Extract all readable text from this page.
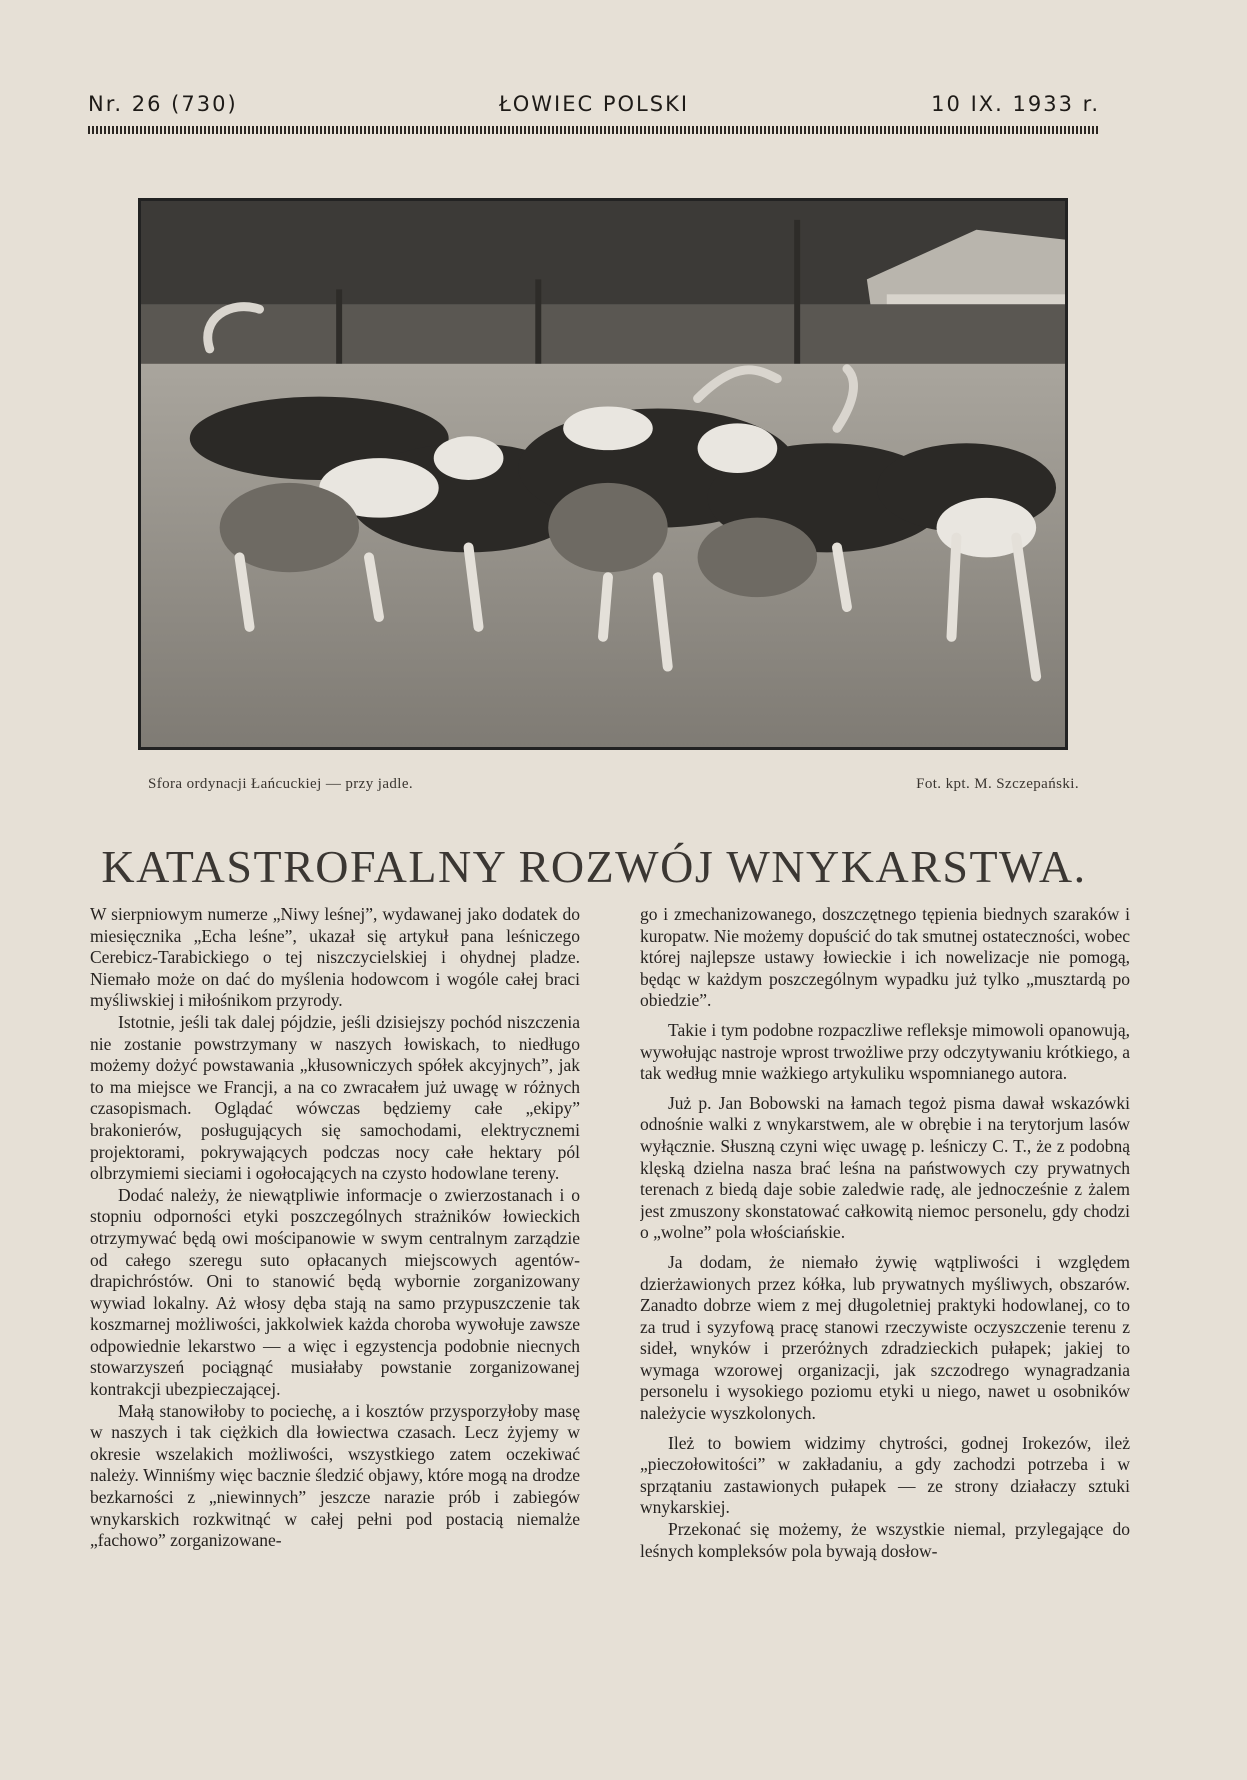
Nr. 26 (730)	ŁOWIEC POLSKI	10 IX. 1933 r.
Sfora ordynacji Łańcuckiej — przy jadle.	Fot. kpt. M. Szczepański.
KATASTROFALNY ROZWÓJ WNYKARSTWA.

W sierpniowym numerze „Niwy leśnej”, wydawanej jako dodatek do miesięcznika „Echa leśne”, ukazał się artykuł pana leśniczego Cerebicz-Tarabickiego o tej niszczycielskiej i ohydnej pladze. Niemało może on dać do myślenia hodowcom i wogóle całej braci myśliwskiej i miłośnikom przyrody.

Istotnie, jeśli tak dalej pójdzie, jeśli dzisiejszy pochód niszczenia nie zostanie powstrzymany w naszych łowiskach, to niedługo możemy dożyć powstawania „kłusowniczych spółek akcyjnych”, jak to ma miejsce we Francji, a na co zwracałem już uwagę w różnych czasopismach. Oglądać wówczas będziemy całe „ekipy” brakonierów, posługujących się samochodami, elektrycznemi projektorami, pokrywających podczas nocy całe hektary pól olbrzymiemi sieciami i ogołocających na czysto hodowlane tereny.

Dodać należy, że niewątpliwie informacje o zwierzostanach i o stopniu odporności etyki poszczególnych strażników łowieckich otrzymywać będą owi mościpanowie w swym centralnym zarządzie od całego szeregu suto opłacanych miejscowych agentów-drapichróstów. Oni to stanowić będą wybornie zorganizowany wywiad lokalny. Aż włosy dęba stają na samo przypuszczenie tak koszmarnej możliwości, jakkolwiek każda choroba wywołuje zawsze odpowiednie lekarstwo — a więc i egzystencja podobnie niecnych stowarzyszeń pociągnąć musiałaby powstanie zorganizowanej kontrakcji ubezpieczającej.

Małą stanowiłoby to pociechę, a i kosztów przysporzyłoby masę w naszych i tak ciężkich dla łowiectwa czasach. Lecz żyjemy w okresie wszelakich możliwości, wszystkiego zatem oczekiwać należy. Winniśmy więc bacznie śledzić objawy, które mogą na drodze bezkarności z „niewinnych” jeszcze narazie prób i zabiegów wnykarskich rozkwitnąć w całej pełni pod postacią niemalże „fachowo” zorganizowane-

go i zmechanizowanego, doszczętnego tępienia biednych szaraków i kuropatw. Nie możemy dopuścić do tak smutnej ostateczności, wobec której najlepsze ustawy łowieckie i ich nowelizacje nie pomogą, będąc w każdym poszczególnym wypadku już tylko „musztardą po obiedzie”.

Takie i tym podobne rozpaczliwe refleksje mimowoli opanowują, wywołując nastroje wprost trwożliwe przy odczytywaniu krótkiego, a tak według mnie ważkiego artykuliku wspomnianego autora.

Już p. Jan Bobowski na łamach tegoż pisma dawał wskazówki odnośnie walki z wnykarstwem, ale w obrębie i na terytorjum lasów wyłącznie. Słuszną czyni więc uwagę p. leśniczy C. T., że z podobną klęską dzielna nasza brać leśna na państwowych czy prywatnych terenach z biedą daje sobie zaledwie radę, ale jednocześnie z żalem jest zmuszony skonstatować całkowitą niemoc personelu, gdy chodzi o „wolne” pola włościańskie.

Ja dodam, że niemało żywię wątpliwości i względem dzierżawionych przez kółka, lub prywatnych myśliwych, obszarów. Zanadto dobrze wiem z mej długoletniej praktyki hodowlanej, co to za trud i syzyfową pracę stanowi rzeczywiste oczyszczenie terenu z sideł, wnyków i przeróżnych zdradzieckich pułapek; jakiej to wymaga wzorowej organizacji, jak szczodrego wynagradzania personelu i wysokiego poziomu etyki u niego, nawet u osobników należycie wyszkolonych.

Ileż to bowiem widzimy chytrości, godnej Irokezów, ileż „pieczołowitości” w zakładaniu, a gdy zachodzi potrzeba i w sprzątaniu zastawionych pułapek — ze strony działaczy sztuki wnykarskiej.

Przekonać się możemy, że wszystkie niemal, przylegające do leśnych kompleksów pola bywają dosłow-
